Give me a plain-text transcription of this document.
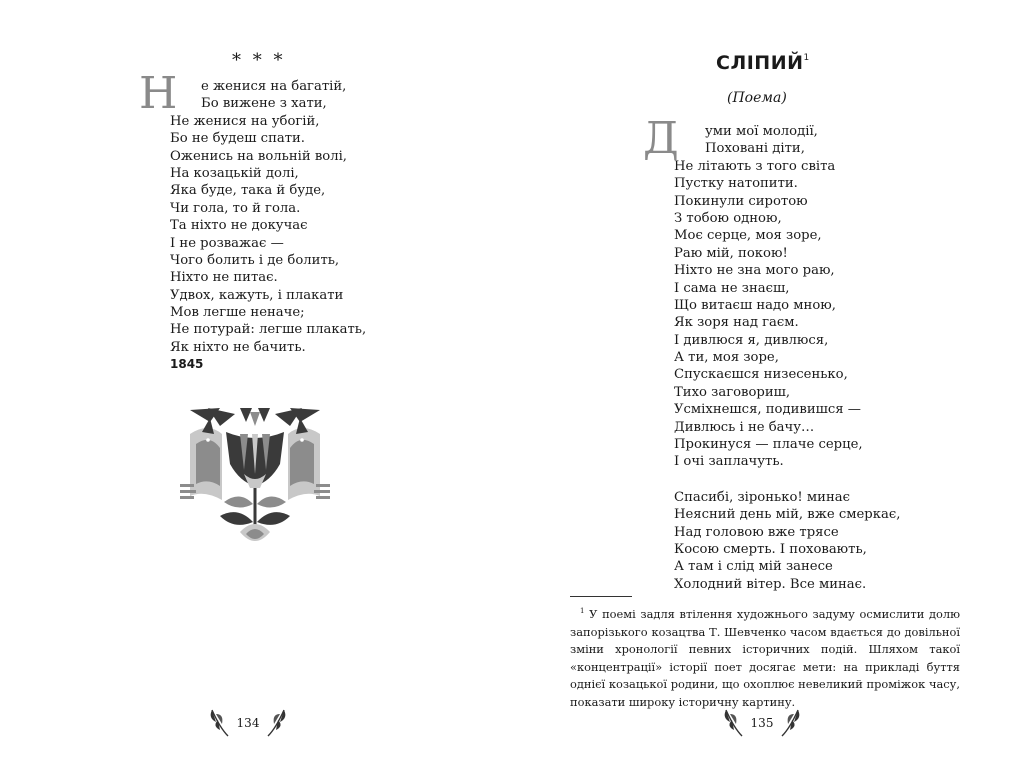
* * *
Н е женися на багатій,
Бо вижене з хати,
Не женися на убогій,
Бо не будеш спати.
Оженись на вольній волі,
На козацькій долі,
Яка буде, така й буде,
Чи гола, то й гола.
Та ніхто не докучає
І не розважає —
Чого болить і де болить,
Ніхто не питає.
Удвох, кажуть, і плакати
Мов легше неначе;
Не потурай: легше плакать,
Як ніхто не бачить.
1845
134
СЛІПИЙ$^1$
(Поема)
Д уми мої молодії,
Поховані діти,
Не літають з того світа
Пустку натопити.
Покинули сиротою
З тобою одною,
Моє серце, моя зоре,
Раю мій, покою!
Ніхто не зна мого раю,
І сама не знаєш,
Що витаєш надо мною,
Як зоря над гаєм.
І дивлюся я, дивлюся,
А ти, моя зоре,
Спускаєшся низесенько,
Тихо заговориш,
Усміхнешся, подивишся —
Дивлюсь і не бачу…
Прокинуся — плаче серце,
І очі заплачуть.
Спасибі, зіронько! минає
Неясний день мій, вже смеркає,
Над головою вже трясе
Косою смерть. І поховають,
А там і слід мій занесе
Холодний вітер. Все минає.
$^1$ У поемі задля втілення художнього задуму осмислити долю запорізького козацтва Т. Шевченко часом вдається до довільної зміни хронології певних історичних подій. Шляхом такої «концентрації» історії поет досягає мети: на прикладі буття однієї козацької родини, що охоплює невеликий проміжок часу, показати широку історичну картину.
135
